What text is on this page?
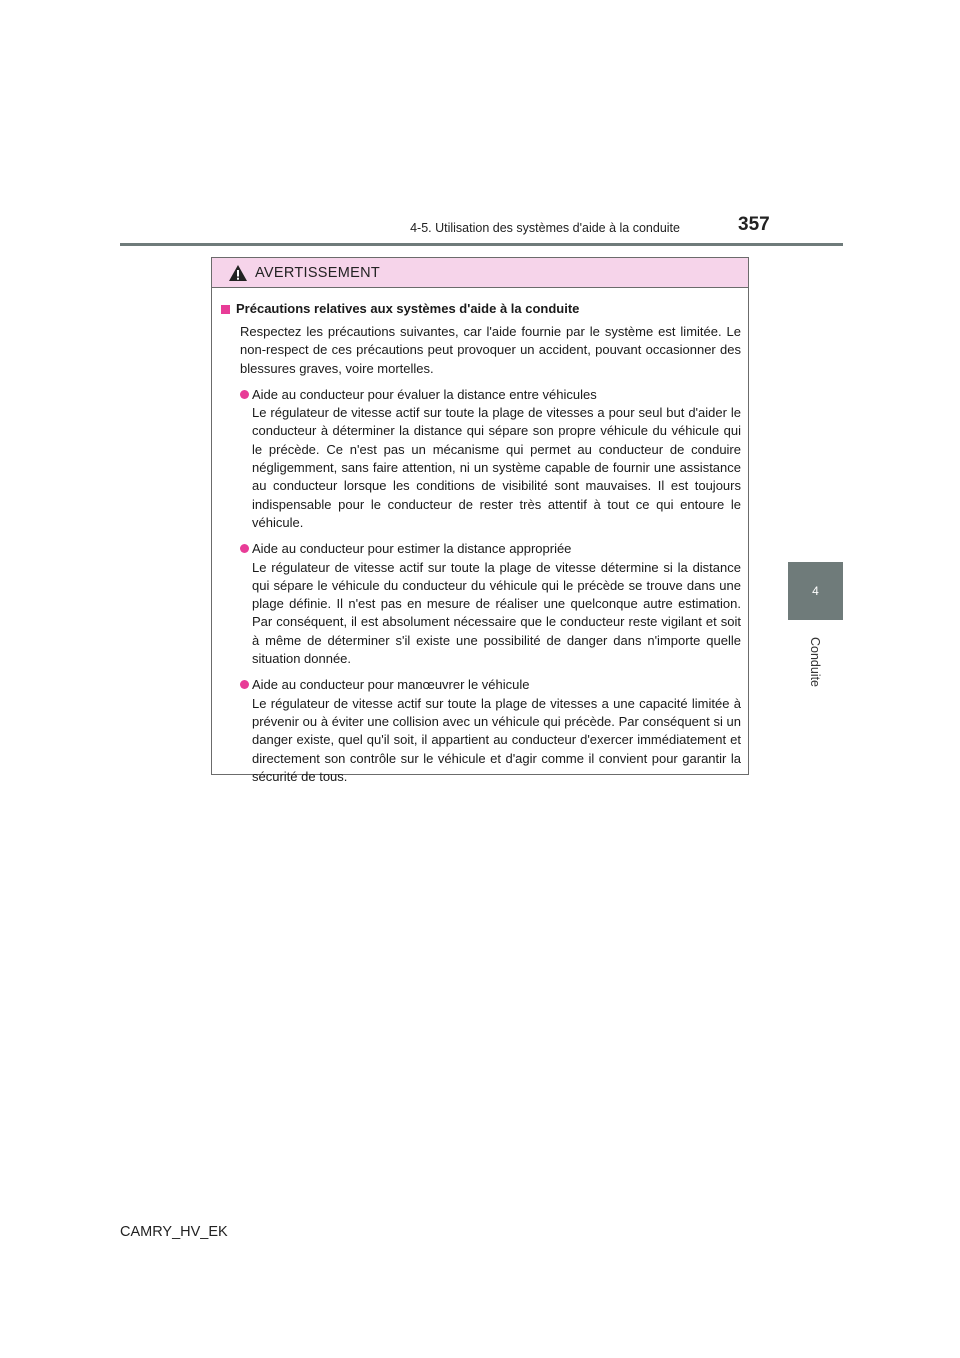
4-5. Utilisation des systèmes d'aide à la conduite	357
4
Conduite
AVERTISSEMENT
Précautions relatives aux systèmes d'aide à la conduite
Respectez les précautions suivantes, car l'aide fournie par le système est limitée. Le non-respect de ces précautions peut provoquer un accident, pouvant occasionner des blessures graves, voire mortelles.
Aide au conducteur pour évaluer la distance entre véhicules
Le régulateur de vitesse actif sur toute la plage de vitesses a pour seul but d'aider le conducteur à déterminer la distance qui sépare son propre véhicule du véhicule qui le précède. Ce n'est pas un mécanisme qui permet au conducteur de conduire négligemment, sans faire attention, ni un système capable de fournir une assistance au conducteur lorsque les conditions de visibilité sont mauvaises. Il est toujours indispensable pour le conducteur de rester très attentif à tout ce qui entoure le véhicule.
Aide au conducteur pour estimer la distance appropriée
Le régulateur de vitesse actif sur toute la plage de vitesse détermine si la distance qui sépare le véhicule du conducteur du véhicule qui le précède se trouve dans une plage définie. Il n'est pas en mesure de réaliser une quelconque autre estimation. Par conséquent, il est absolument nécessaire que le conducteur reste vigilant et soit à même de déterminer s'il existe une possibilité de danger dans n'importe quelle situation donnée.
Aide au conducteur pour manœuvrer le véhicule
Le régulateur de vitesse actif sur toute la plage de vitesses a une capacité limitée à prévenir ou à éviter une collision avec un véhicule qui précède. Par conséquent si un danger existe, quel qu'il soit, il appartient au conducteur d'exercer immédiatement et directement son contrôle sur le véhicule et d'agir comme il convient pour garantir la sécurité de tous.
CAMRY_HV_EK
